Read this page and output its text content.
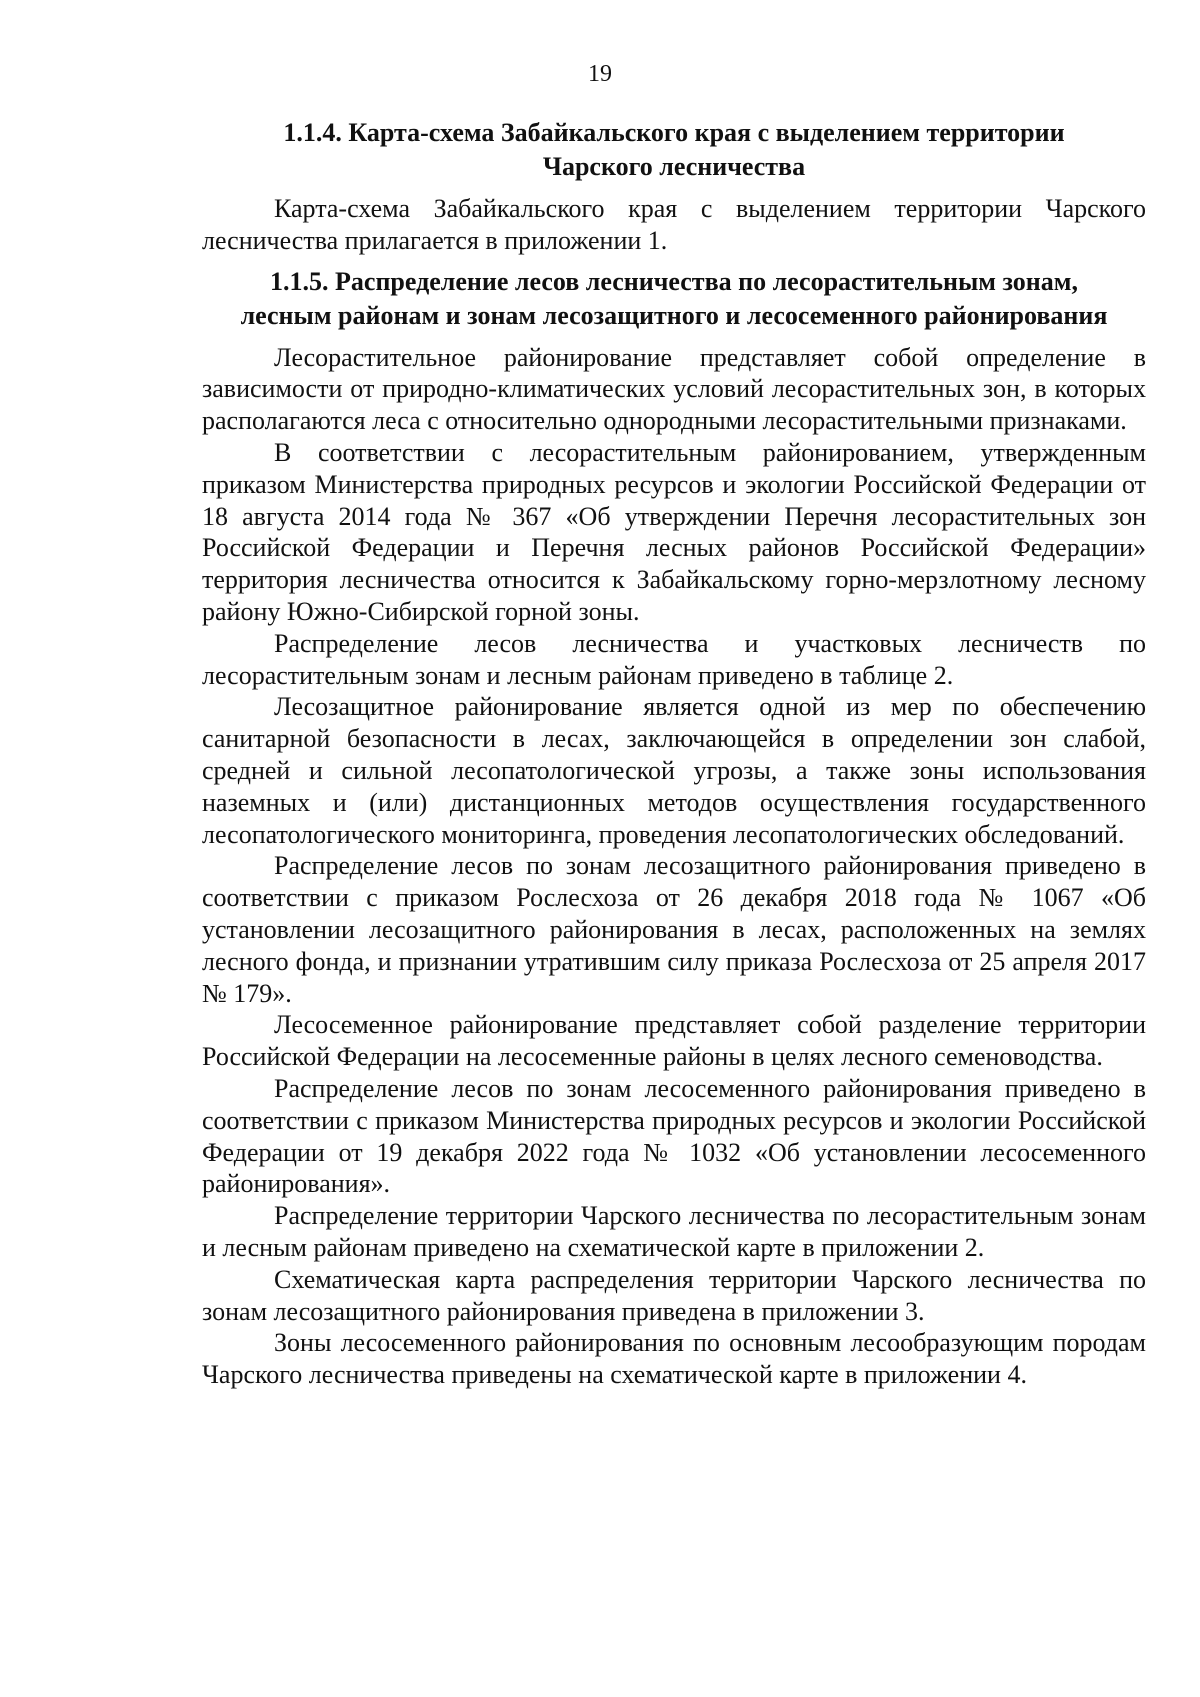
19
1.1.4. Карта-схема Забайкальского края с выделением территории
Чарского лесничества

Карта-схема Забайкальского края с выделением территории Чарского лесничества прилагается в приложении 1.

1.1.5. Распределение лесов лесничества по лесорастительным зонам,
лесным районам и зонам лесозащитного и лесосеменного районирования

Лесорастительное районирование представляет собой определение в зависимости от природно-климатических условий лесорастительных зон, в которых располагаются леса с относительно однородными лесорастительными признаками.

В соответствии с лесорастительным районированием, утвержденным приказом Министерства природных ресурсов и экологии Российской Федерации от 18 августа 2014 года № 367 «Об утверждении Перечня лесорастительных зон Российской Федерации и Перечня лесных районов Российской Федерации» территория лесничества относится к Забайкальскому горно-мерзлотному лесному району Южно-Сибирской горной зоны.

Распределение лесов лесничества и участковых лесничеств по лесорастительным зонам и лесным районам приведено в таблице 2.

Лесозащитное районирование является одной из мер по обеспечению санитарной безопасности в лесах, заключающейся в определении зон слабой, средней и сильной лесопатологической угрозы, а также зоны использования наземных и (или) дистанционных методов осуществления государственного лесопатологического мониторинга, проведения лесопатологических обследований.

Распределение лесов по зонам лесозащитного районирования приведено в соответствии с приказом Рослесхоза от 26 декабря 2018 года № 1067 «Об установлении лесозащитного районирования в лесах, расположенных на землях лесного фонда, и признании утратившим силу приказа Рослесхоза от 25 апреля 2017 № 179».

Лесосеменное районирование представляет собой разделение территории Российской Федерации на лесосеменные районы в целях лесного семеноводства.

Распределение лесов по зонам лесосеменного районирования приведено в соответствии с приказом Министерства природных ресурсов и экологии Российской Федерации от 19 декабря 2022 года № 1032 «Об установлении лесосеменного районирования».

Распределение территории Чарского лесничества по лесорастительным зонам и лесным районам приведено на схематической карте в приложении 2.

Схематическая карта распределения территории Чарского лесничества по зонам лесозащитного районирования приведена в приложении 3.

Зоны лесосеменного районирования по основным лесообразующим породам Чарского лесничества приведены на схематической карте в приложении 4.
